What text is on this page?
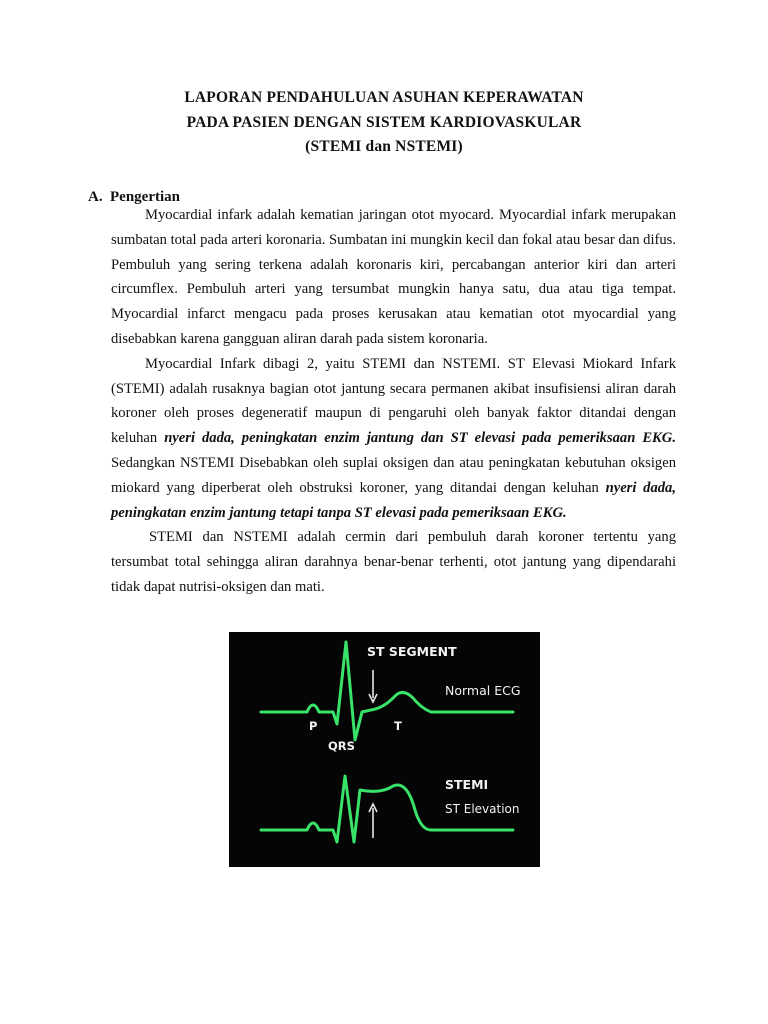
LAPORAN PENDAHULUAN ASUHAN KEPERAWATAN
PADA PASIEN DENGAN SISTEM KARDIOVASKULAR
(STEMI dan NSTEMI)
A. Pengertian

Myocardial infark adalah kematian jaringan otot myocard. Myocardial infark merupakan sumbatan total pada arteri koronaria. Sumbatan ini mungkin kecil dan fokal atau besar dan difus. Pembuluh yang sering terkena adalah koronaris kiri, percabangan anterior kiri dan arteri circumflex. Pembuluh arteri yang tersumbat mungkin hanya satu, dua atau tiga tempat. Myocardial infarct mengacu pada proses kerusakan atau kematian otot myocardial yang disebabkan karena gangguan aliran darah pada sistem koronaria.

Myocardial Infark dibagi 2, yaitu STEMI dan NSTEMI. ST Elevasi Miokard Infark (STEMI) adalah rusaknya bagian otot jantung secara permanen akibat insufisiensi aliran darah koroner oleh proses degeneratif maupun di pengaruhi oleh banyak faktor ditandai dengan keluhan nyeri dada, peningkatan enzim jantung dan ST elevasi pada pemeriksaan EKG. Sedangkan NSTEMI Disebabkan oleh suplai oksigen dan atau peningkatan kebutuhan oksigen miokard yang diperberat oleh obstruksi koroner, yang ditandai dengan keluhan nyeri dada, peningkatan enzim jantung tetapi tanpa ST elevasi pada pemeriksaan EKG.

STEMI dan NSTEMI adalah cermin dari pembuluh darah koroner tertentu yang tersumbat total sehingga aliran darahnya benar-benar terhenti, otot jantung yang dipendarahi tidak dapat nutrisi-oksigen dan mati.

ST SEGMENT
Normal ECG
P	T
QRS
STEMI
ST Elevation
